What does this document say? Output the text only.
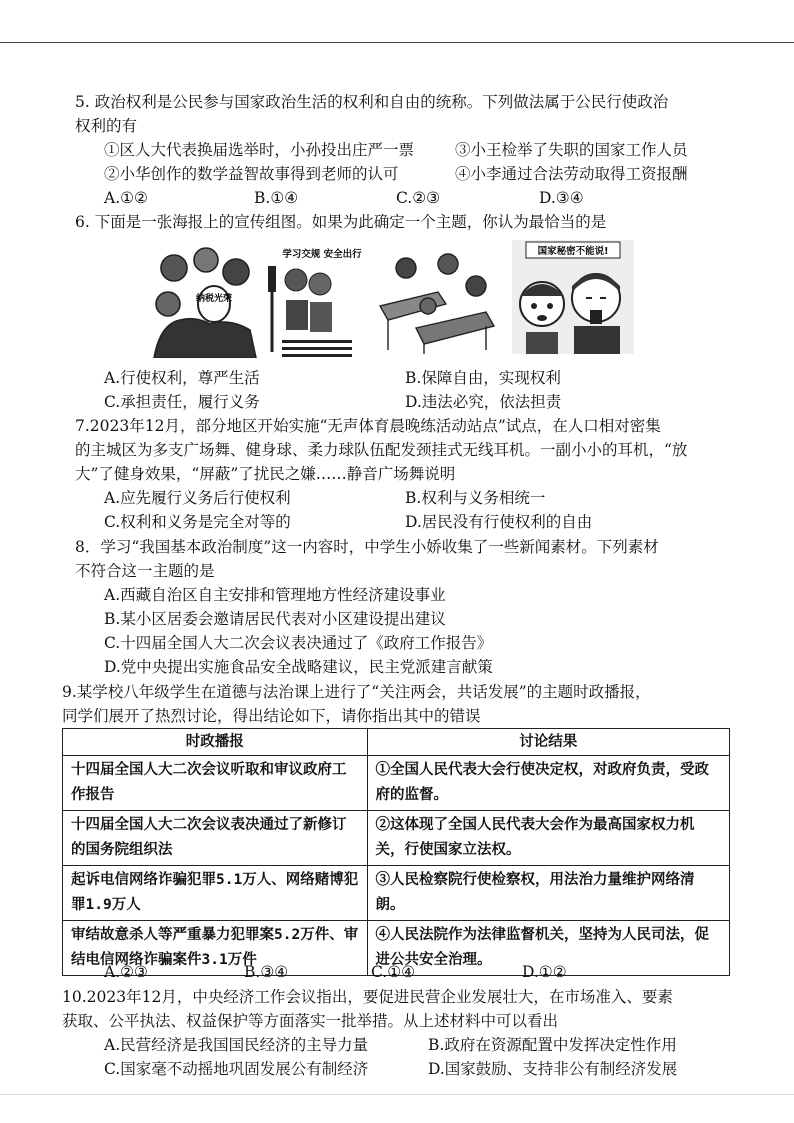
5. 政治权利是公民参与国家政治生活的权利和自由的统称。下列做法属于公民行使政治
权利的有
①区人大代表换届选举时，小孙投出庄严一票	③小王检举了失职的国家工作人员
②小华创作的数学益智故事得到老师的认可	④小李通过合法劳动取得工资报酬
A.①②	B.①④	C.②③	D.③④
6. 下面是一张海报上的宣传组图。如果为此确定一个主题，你认为最恰当的是
纳税光荣
学习交规 安全出行	国家秘密不能说!
A.行使权利，尊严生活	B.保障自由，实现权利
C.承担责任，履行义务	D.违法必究，依法担责
7.2023年12月，部分地区开始实施“无声体育晨晚练活动站点”试点，在人口相对密集
的主城区为多支广场舞、健身球、柔力球队伍配发颈挂式无线耳机。一副小小的耳机，“放
大”了健身效果，“屏蔽”了扰民之嫌……静音广场舞说明
A.应先履行义务后行使权利	B.权利与义务相统一
C.权利和义务是完全对等的	D.居民没有行使权利的自由
8．学习“我国基本政治制度”这一内容时，中学生小娇收集了一些新闻素材。下列素材
不符合这一主题的是
A.西藏自治区自主安排和管理地方性经济建设事业
B.某小区居委会邀请居民代表对小区建设提出建议
C.十四届全国人大二次会议表决通过了《政府工作报告》
D.党中央提出实施食品安全战略建议，民主党派建言献策
9.某学校八年级学生在道德与法治课上进行了“关注两会，共话发展”的主题时政播报，
同学们展开了热烈讨论，得出结论如下，请你指出其中的错误
时政播报	讨论结果
十四届全国人大二次会议听取和审议政府工作报告	①全国人民代表大会行使决定权，对政府负责，受政府的监督。
十四届全国人大二次会议表决通过了新修订的国务院组织法	②这体现了全国人民代表大会作为最高国家权力机关，行使国家立法权。
起诉电信网络诈骗犯罪5.1万人、网络赌博犯罪1.9万人	③人民检察院行使检察权，用法治力量维护网络清朗。
审结故意杀人等严重暴力犯罪案5.2万件、审结电信网络诈骗案件3.1万件	④人民法院作为法律监督机关，坚持为人民司法，促进公共安全治理。
A.②③	B.③④	C.①④	D.①②
10.2023年12月，中央经济工作会议指出，要促进民营企业发展壮大，在市场准入、要素
获取、公平执法、权益保护等方面落实一批举措。从上述材料中可以看出
A.民营经济是我国国民经济的主导力量	B.政府在资源配置中发挥决定性作用
C.国家毫不动摇地巩固发展公有制经济	D.国家鼓励、支持非公有制经济发展
